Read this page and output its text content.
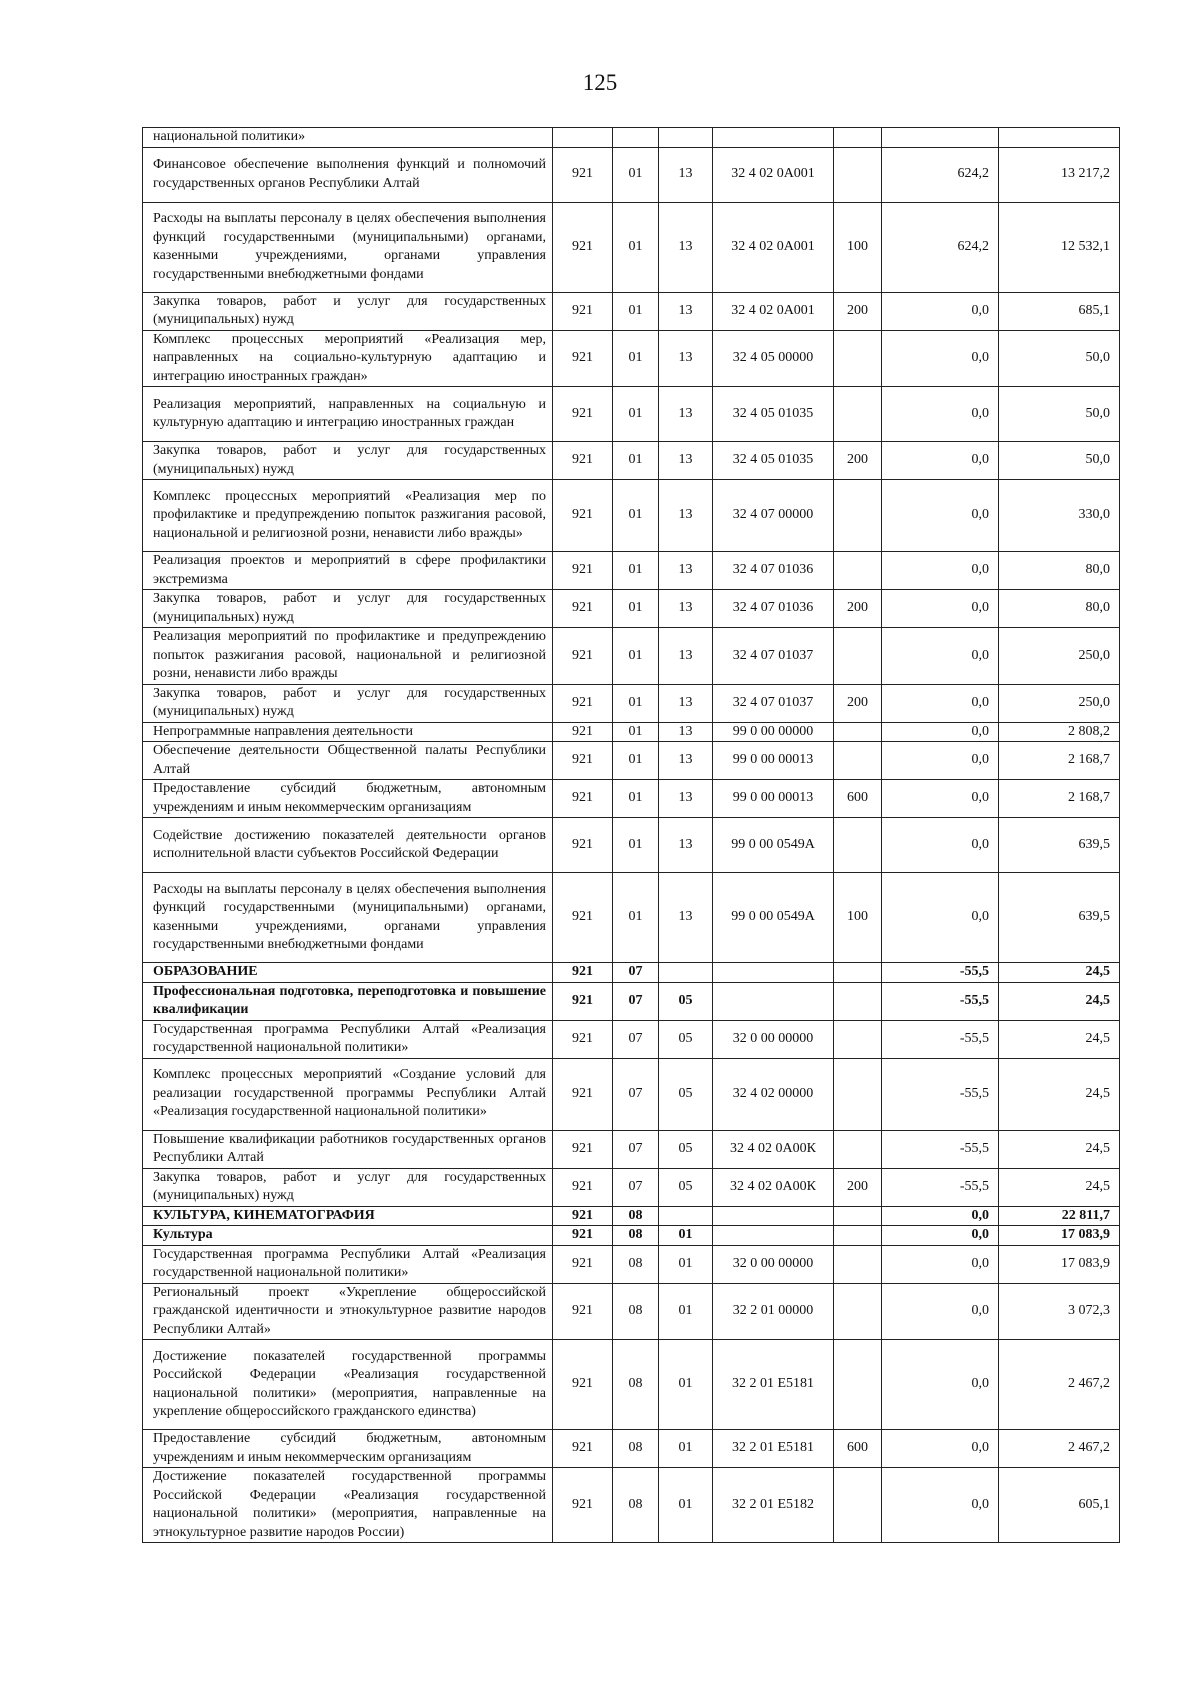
125
национальной политики»							
Финансовое обеспечение выполнения функций и полномочий государственных органов Республики Алтай	921	01	13	32 4 02 0А001		624,2	13 217,2
Расходы на выплаты персоналу в целях обеспечения выполнения функций государственными (муниципальными) органами, казенными учреждениями, органами управления государственными внебюджетными фондами	921	01	13	32 4 02 0А001	100	624,2	12 532,1
Закупка товаров, работ и услуг для государственных (муниципальных) нужд	921	01	13	32 4 02 0А001	200	0,0	685,1
Комплекс процессных мероприятий «Реализация мер, направленных на социально-культурную адаптацию и интеграцию иностранных граждан»	921	01	13	32 4 05 00000		0,0	50,0
Реализация мероприятий, направленных на социальную и культурную адаптацию и интеграцию иностранных граждан	921	01	13	32 4 05 01035		0,0	50,0
Закупка товаров, работ и услуг для государственных (муниципальных) нужд	921	01	13	32 4 05 01035	200	0,0	50,0
Комплекс процессных мероприятий «Реализация мер по профилактике и предупреждению попыток разжигания расовой, национальной и религиозной розни, ненависти либо вражды»	921	01	13	32 4 07 00000		0,0	330,0
Реализация проектов и мероприятий в сфере профилактики экстремизма	921	01	13	32 4 07 01036		0,0	80,0
Закупка товаров, работ и услуг для государственных (муниципальных) нужд	921	01	13	32 4 07 01036	200	0,0	80,0
Реализация мероприятий по профилактике и предупреждению попыток разжигания расовой, национальной и религиозной розни, ненависти либо вражды	921	01	13	32 4 07 01037		0,0	250,0
Закупка товаров, работ и услуг для государственных (муниципальных) нужд	921	01	13	32 4 07 01037	200	0,0	250,0
Непрограммные направления деятельности	921	01	13	99 0 00 00000		0,0	2 808,2
Обеспечение деятельности Общественной палаты Республики Алтай	921	01	13	99 0 00 00013		0,0	2 168,7
Предоставление субсидий бюджетным, автономным учреждениям и иным некоммерческим организациям	921	01	13	99 0 00 00013	600	0,0	2 168,7
Содействие достижению показателей деятельности органов исполнительной власти субъектов Российской Федерации	921	01	13	99 0 00 0549А		0,0	639,5
Расходы на выплаты персоналу в целях обеспечения выполнения функций государственными (муниципальными) органами, казенными учреждениями, органами управления государственными внебюджетными фондами	921	01	13	99 0 00 0549А	100	0,0	639,5
ОБРАЗОВАНИЕ	921	07				-55,5	24,5
Профессиональная подготовка, переподготовка и повышение квалификации	921	07	05			-55,5	24,5
Государственная программа Республики Алтай «Реализация государственной национальной политики»	921	07	05	32 0 00 00000		-55,5	24,5
Комплекс процессных мероприятий «Создание условий для реализации государственной программы Республики Алтай «Реализация государственной национальной политики»	921	07	05	32 4 02 00000		-55,5	24,5
Повышение квалификации работников государственных органов Республики Алтай	921	07	05	32 4 02 0А00К		-55,5	24,5
Закупка товаров, работ и услуг для государственных (муниципальных) нужд	921	07	05	32 4 02 0А00К	200	-55,5	24,5
КУЛЬТУРА, КИНЕМАТОГРАФИЯ	921	08				0,0	22 811,7
Культура	921	08	01			0,0	17 083,9
Государственная программа Республики Алтай «Реализация государственной национальной политики»	921	08	01	32 0 00 00000		0,0	17 083,9
Региональный проект «Укрепление общероссийской гражданской идентичности и этнокультурное развитие народов Республики Алтай»	921	08	01	32 2 01 00000		0,0	3 072,3
Достижение показателей государственной программы Российской Федерации «Реализация государственной национальной политики» (мероприятия, направленные на укрепление общероссийского гражданского единства)	921	08	01	32 2 01 E5181		0,0	2 467,2
Предоставление субсидий бюджетным, автономным учреждениям и иным некоммерческим организациям	921	08	01	32 2 01 E5181	600	0,0	2 467,2
Достижение показателей государственной программы Российской Федерации «Реализация государственной национальной политики» (мероприятия, направленные на этнокультурное развитие народов России)	921	08	01	32 2 01 E5182		0,0	605,1
